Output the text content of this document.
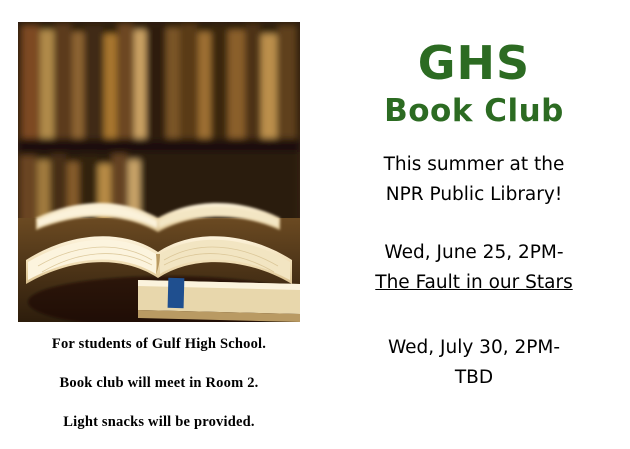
For students of Gulf High School.
Book club will meet in Room 2.
Light snacks will be provided.
GHS
Book Club
This summer at the
NPR Public Library!
Wed, June 25, 2PM-
The Fault in our Stars
Wed, July 30, 2PM-
TBD
